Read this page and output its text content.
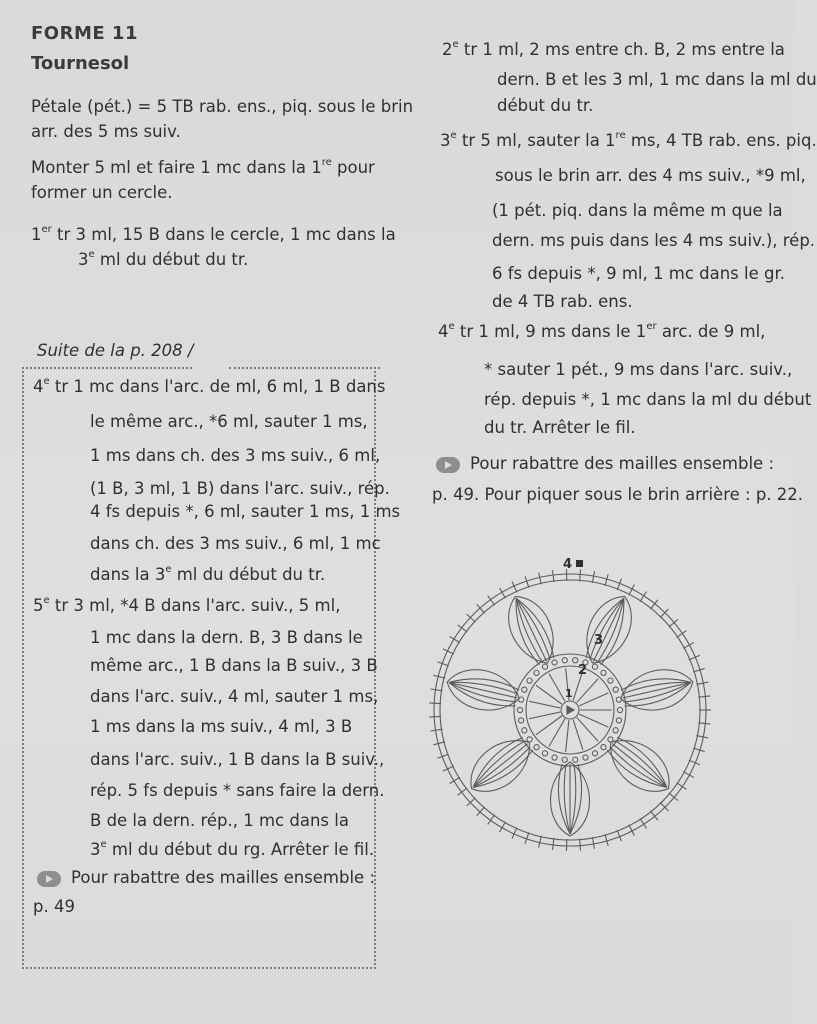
FORME 11
Tournesol
Pétale (pét.) = 5 TB rab. ens., piq. sous le brin
arr. des 5 ms suiv.
Monter 5 ml et faire 1 mc dans la 1re pour
former un cercle.
1er tr 3 ml, 15 B dans le cercle, 1 mc dans la
3e ml du début du tr.
Suite de la p. 208 /
4e tr 1 mc dans l'arc. de ml, 6 ml, 1 B dans
le même arc., *6 ml, sauter 1 ms,
1 ms dans ch. des 3 ms suiv., 6 ml,
(1 B, 3 ml, 1 B) dans l'arc. suiv., rép.
4 fs depuis *, 6 ml, sauter 1 ms, 1 ms
dans ch. des 3 ms suiv., 6 ml, 1 mc
dans la 3e ml du début du tr.
5e tr 3 ml, *4 B dans l'arc. suiv., 5 ml,
1 mc dans la dern. B, 3 B dans le
même arc., 1 B dans la B suiv., 3 B
dans l'arc. suiv., 4 ml, sauter 1 ms,
1 ms dans la ms suiv., 4 ml, 3 B
dans l'arc. suiv., 1 B dans la B suiv.,
rép. 5 fs depuis * sans faire la dern.
B de la dern. rép., 1 mc dans la
3e ml du début du rg. Arrêter le fil.
Pour rabattre des mailles ensemble :
p. 49
2e tr 1 ml, 2 ms entre ch. B, 2 ms entre la
dern. B et les 3 ml, 1 mc dans la ml du
début du tr.
3e tr 5 ml, sauter la 1re ms, 4 TB rab. ens. piq.
sous le brin arr. des 4 ms suiv., *9 ml,
(1 pét. piq. dans la même m que la
dern. ms puis dans les 4 ms suiv.), rép.
6 fs depuis *, 9 ml, 1 mc dans le gr.
de 4 TB rab. ens.
4e tr 1 ml, 9 ms dans le 1er arc. de 9 ml,
* sauter 1 pét., 9 ms dans l'arc. suiv.,
rép. depuis *, 1 mc dans la ml du début
du tr. Arrêter le fil.
Pour rabattre des mailles ensemble :
p. 49. Pour piquer sous le brin arrière : p. 22.
4
3
2
1
